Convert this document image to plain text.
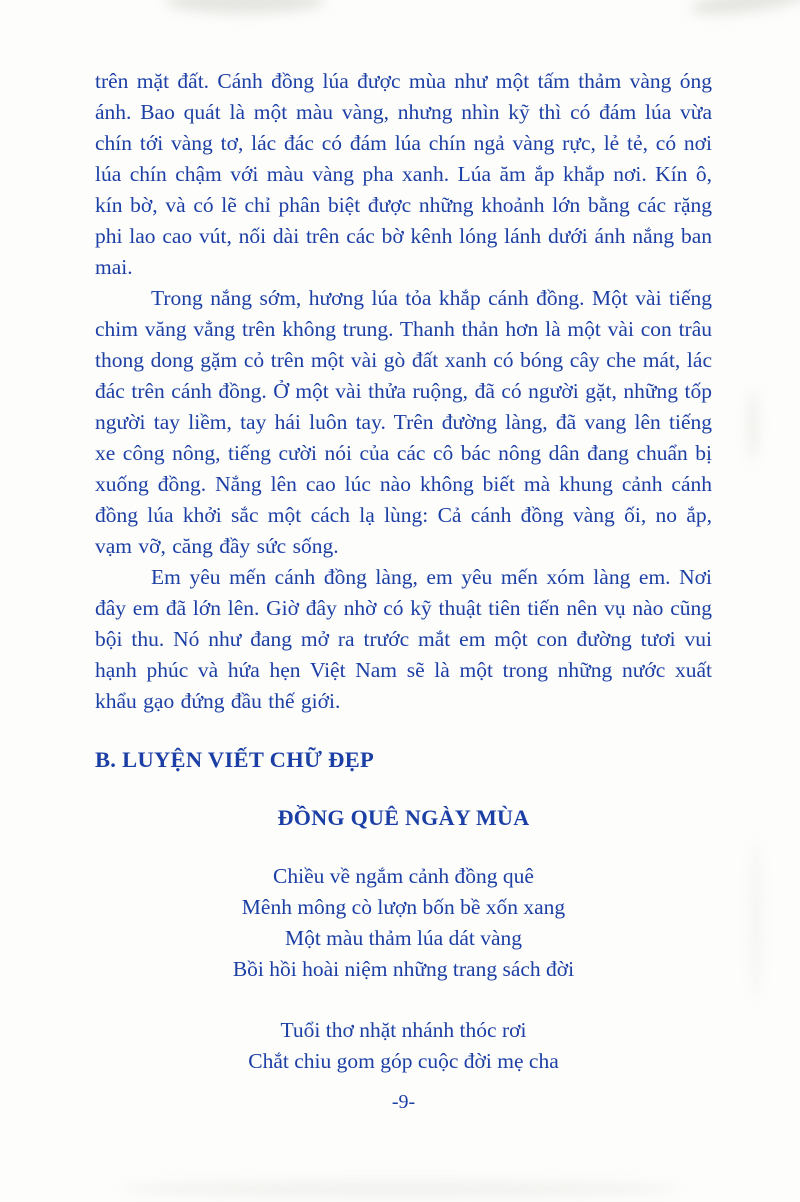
trên mặt đất. Cánh đồng lúa được mùa như một tấm thảm vàng óng ánh. Bao quát là một màu vàng, nhưng nhìn kỹ thì có đám lúa vừa chín tới vàng tơ, lác đác có đám lúa chín ngả vàng rực, lẻ tẻ, có nơi lúa chín chậm với màu vàng pha xanh. Lúa ăm ắp khắp nơi. Kín ô, kín bờ, và có lẽ chỉ phân biệt được những khoảnh lớn bằng các rặng phi lao cao vút, nối dài trên các bờ kênh lóng lánh dưới ánh nắng ban mai.

Trong nắng sớm, hương lúa tỏa khắp cánh đồng. Một vài tiếng chim văng vẳng trên không trung. Thanh thản hơn là một vài con trâu thong dong gặm cỏ trên một vài gò đất xanh có bóng cây che mát, lác đác trên cánh đồng. Ở một vài thửa ruộng, đã có người gặt, những tốp người tay liềm, tay hái luôn tay. Trên đường làng, đã vang lên tiếng xe công nông, tiếng cười nói của các cô bác nông dân đang chuẩn bị xuống đồng. Nắng lên cao lúc nào không biết mà khung cảnh cánh đồng lúa khởi sắc một cách lạ lùng: Cả cánh đồng vàng ối, no ắp, vạm vỡ, căng đầy sức sống.

Em yêu mến cánh đồng làng, em yêu mến xóm làng em. Nơi đây em đã lớn lên. Giờ đây nhờ có kỹ thuật tiên tiến nên vụ nào cũng bội thu. Nó như đang mở ra trước mắt em một con đường tươi vui hạnh phúc và hứa hẹn Việt Nam sẽ là một trong những nước xuất khẩu gạo đứng đầu thế giới.

B. LUYỆN VIẾT CHỮ ĐẸP
ĐỒNG QUÊ NGÀY MÙA
Chiều về ngắm cảnh đồng quê
Mênh mông cò lượn bốn bề xốn xang
Một màu thảm lúa dát vàng
Bồi hồi hoài niệm những trang sách đời
Tuổi thơ nhặt nhánh thóc rơi
Chắt chiu gom góp cuộc đời mẹ cha
-9-
